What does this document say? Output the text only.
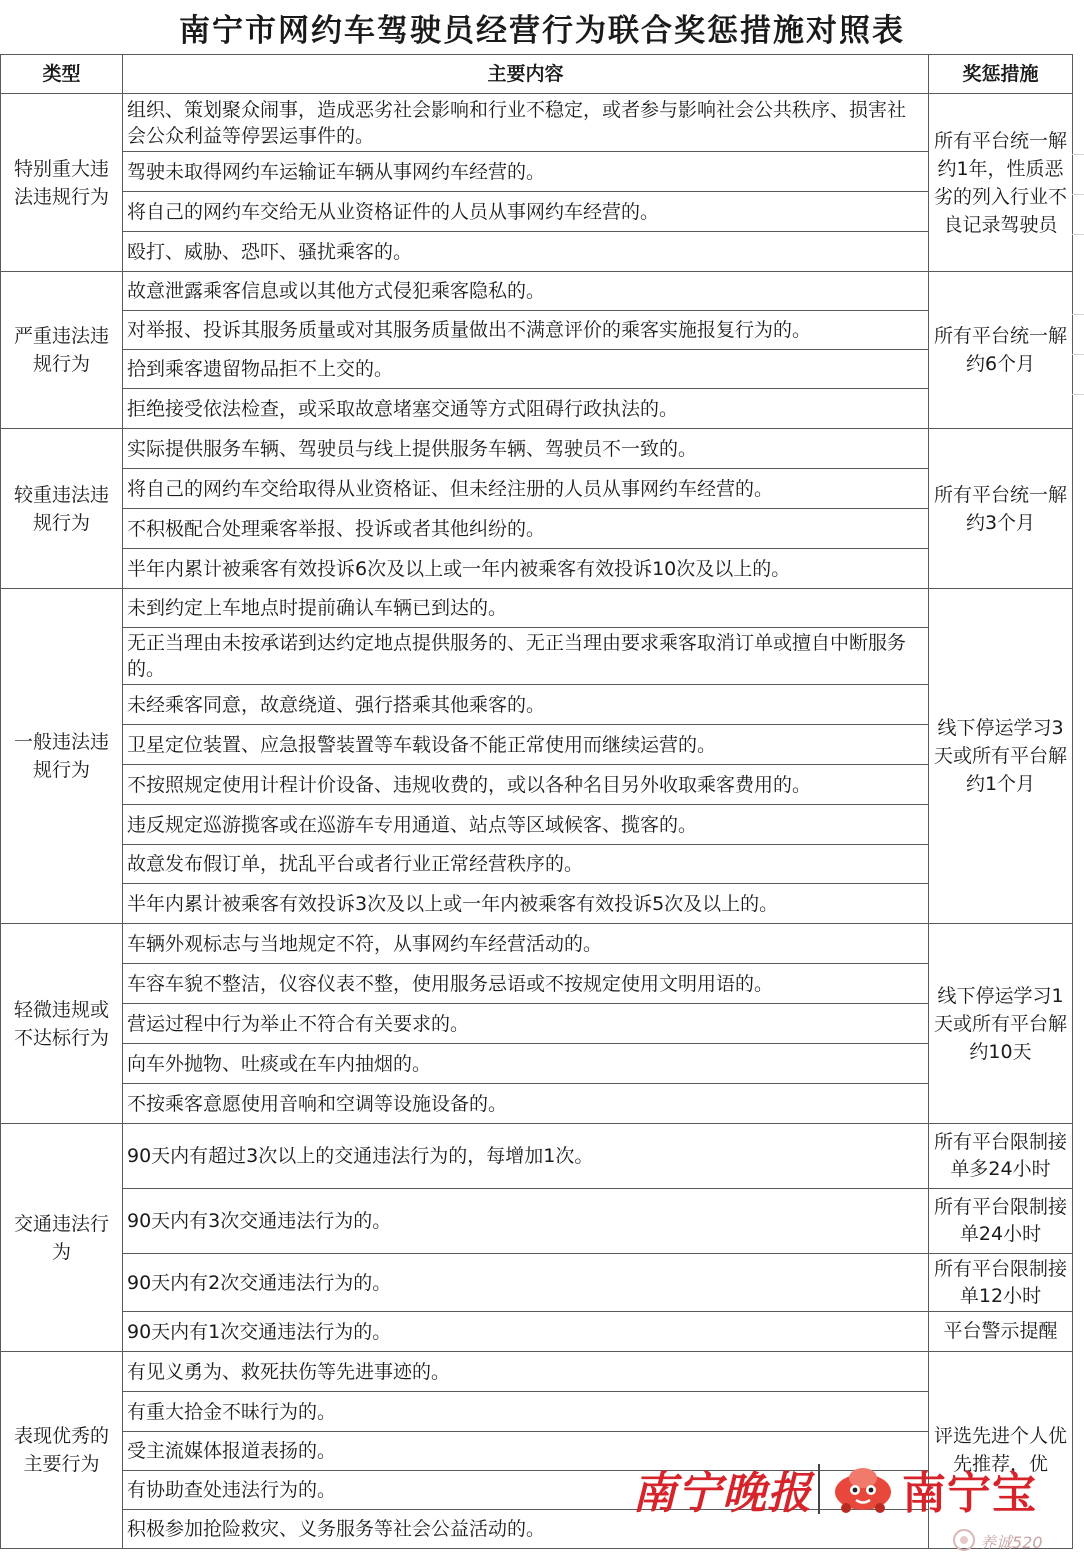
南宁市网约车驾驶员经营行为联合奖惩措施对照表
类型	主要内容	奖惩措施
特别重大违法违规行为	组织、策划聚众闹事，造成恶劣社会影响和行业不稳定，或者参与影响社会公共秩序、损害社会公众利益等停罢运事件的。	所有平台统一解约1年，性质恶劣的列入行业不良记录驾驶员
	驾驶未取得网约车运输证车辆从事网约车经营的。	
	将自己的网约车交给无从业资格证件的人员从事网约车经营的。	
	殴打、威胁、恐吓、骚扰乘客的。	
严重违法违规行为	故意泄露乘客信息或以其他方式侵犯乘客隐私的。	所有平台统一解约6个月
	对举报、投诉其服务质量或对其服务质量做出不满意评价的乘客实施报复行为的。	
	拾到乘客遗留物品拒不上交的。	
	拒绝接受依法检查，或采取故意堵塞交通等方式阻碍行政执法的。	
较重违法违规行为	实际提供服务车辆、驾驶员与线上提供服务车辆、驾驶员不一致的。	所有平台统一解约3个月
	将自己的网约车交给取得从业资格证、但未经注册的人员从事网约车经营的。	
	不积极配合处理乘客举报、投诉或者其他纠纷的。	
	半年内累计被乘客有效投诉6次及以上或一年内被乘客有效投诉10次及以上的。	
一般违法违规行为	未到约定上车地点时提前确认车辆已到达的。	线下停运学习3天或所有平台解约1个月
	无正当理由未按承诺到达约定地点提供服务的、无正当理由要求乘客取消订单或擅自中断服务的。	
	未经乘客同意，故意绕道、强行搭乘其他乘客的。	
	卫星定位装置、应急报警装置等车载设备不能正常使用而继续运营的。	
	不按照规定使用计程计价设备、违规收费的，或以各种名目另外收取乘客费用的。	
	违反规定巡游揽客或在巡游车专用通道、站点等区域候客、揽客的。	
	故意发布假订单，扰乱平台或者行业正常经营秩序的。	
	半年内累计被乘客有效投诉3次及以上或一年内被乘客有效投诉5次及以上的。	
轻微违规或不达标行为	车辆外观标志与当地规定不符，从事网约车经营活动的。	线下停运学习1天或所有平台解约10天
	车容车貌不整洁，仪容仪表不整，使用服务忌语或不按规定使用文明用语的。	
	营运过程中行为举止不符合有关要求的。	
	向车外抛物、吐痰或在车内抽烟的。	
	不按乘客意愿使用音响和空调等设施设备的。	
交通违法行为	90天内有超过3次以上的交通违法行为的，每增加1次。	所有平台限制接单多24小时
	90天内有3次交通违法行为的。	所有平台限制接单24小时
	90天内有2次交通违法行为的。	所有平台限制接单12小时
	90天内有1次交通违法行为的。	平台警示提醒
表现优秀的主要行为	有见义勇为、救死扶伤等先进事迹的。	评选先进个人优先推荐，优
	有重大拾金不昧行为的。	
	受主流媒体报道表扬的。	
	有协助查处违法行为的。	
	积极参加抢险救灾、义务服务等社会公益活动的。	
南宁晚报 南宁宝
养诚520
